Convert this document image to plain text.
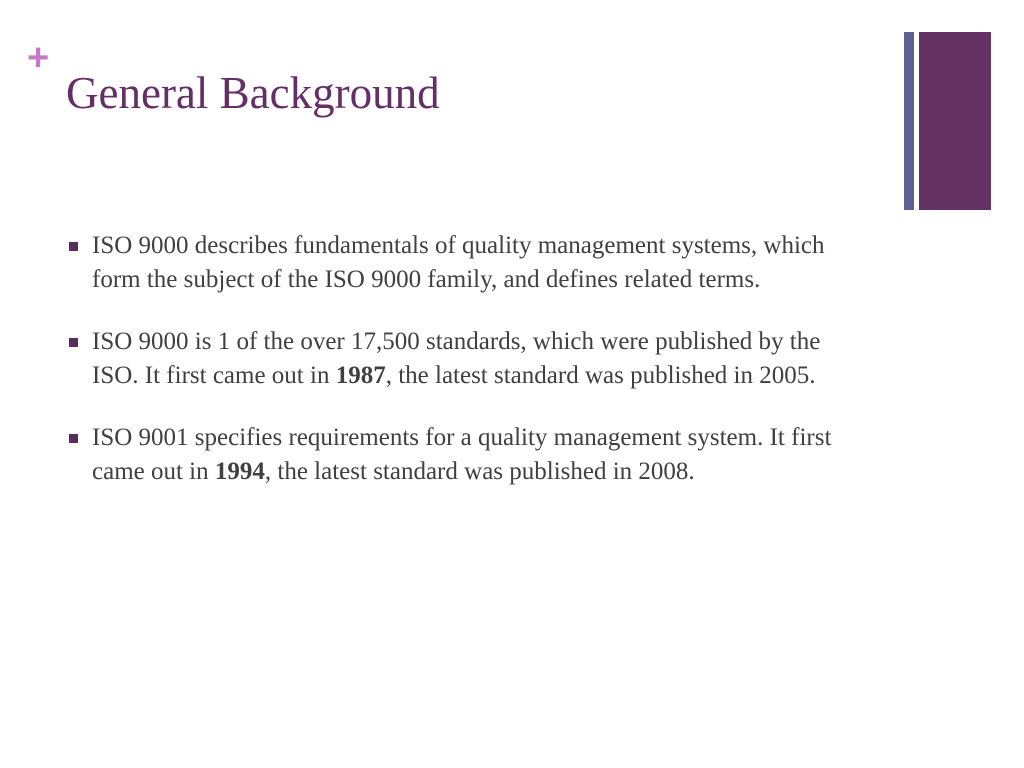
+
General Background
ISO 9000 describes fundamentals of quality management systems, which form the subject of the ISO 9000 family, and defines related terms.
ISO 9000 is 1 of the over 17,500 standards, which were published by the ISO. It first came out in 1987, the latest standard was published in 2005.
ISO 9001 specifies requirements for a quality management system. It first came out in 1994, the latest standard was published in 2008.
